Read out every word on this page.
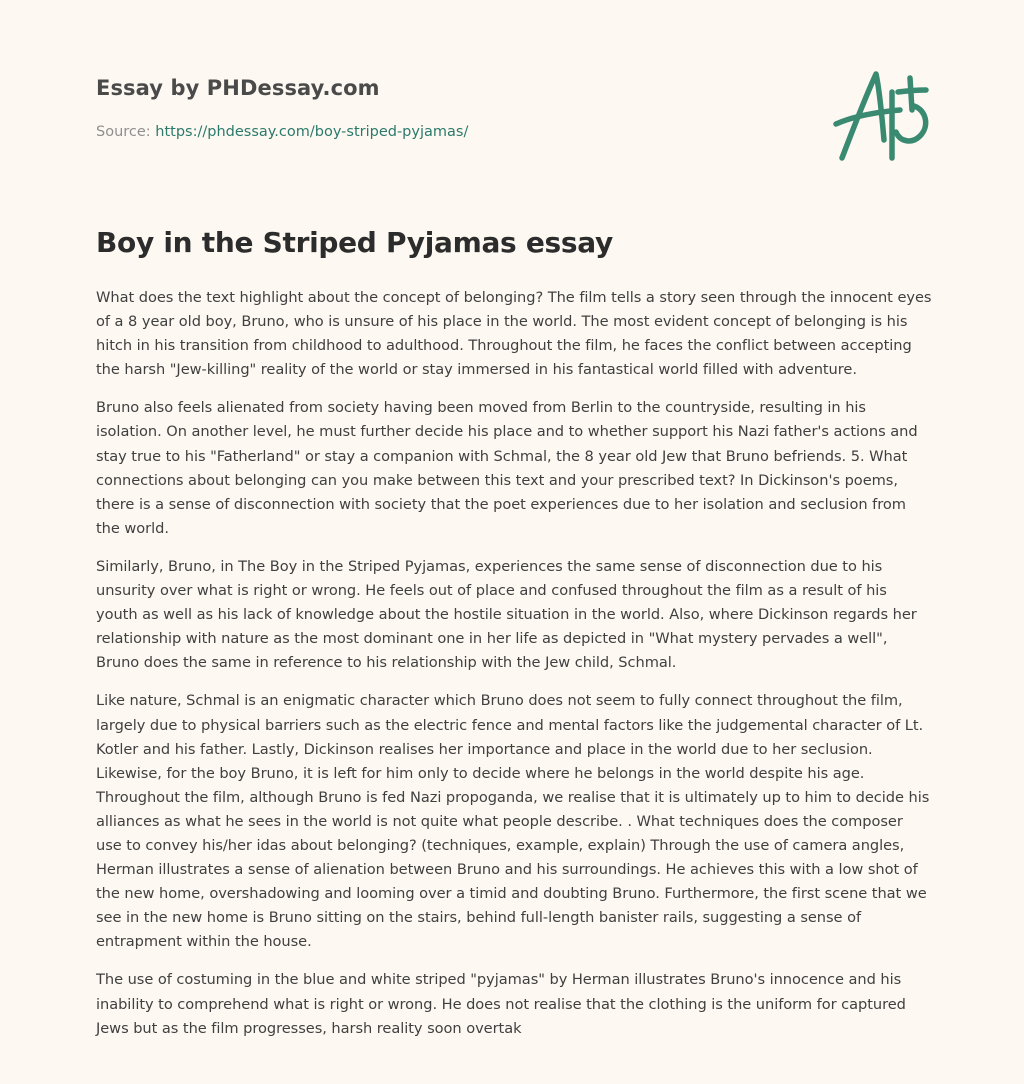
Essay by PHDessay.com
Source: https://phdessay.com/boy-striped-pyjamas/
Boy in the Striped Pyjamas essay

What does the text highlight about the concept of belonging? The film tells a story seen through the innocent eyes of a 8 year old boy, Bruno, who is unsure of his place in the world. The most evident concept of belonging is his hitch in his transition from childhood to adulthood. Throughout the film, he faces the conflict between accepting the harsh "Jew-killing" reality of the world or stay immersed in his fantastical world filled with adventure.

Bruno also feels alienated from society having been moved from Berlin to the countryside, resulting in his isolation. On another level, he must further decide his place and to whether support his Nazi father's actions and stay true to his "Fatherland" or stay a companion with Schmal, the 8 year old Jew that Bruno befriends. 5. What connections about belonging can you make between this text and your prescribed text? In Dickinson's poems, there is a sense of disconnection with society that the poet experiences due to her isolation and seclusion from the world.

Similarly, Bruno, in The Boy in the Striped Pyjamas, experiences the same sense of disconnection due to his unsurity over what is right or wrong. He feels out of place and confused throughout the film as a result of his youth as well as his lack of knowledge about the hostile situation in the world. Also, where Dickinson regards her relationship with nature as the most dominant one in her life as depicted in "What mystery pervades a well", Bruno does the same in reference to his relationship with the Jew child, Schmal.

Like nature, Schmal is an enigmatic character which Bruno does not seem to fully connect throughout the film, largely due to physical barriers such as the electric fence and mental factors like the judgemental character of Lt. Kotler and his father. Lastly, Dickinson realises her importance and place in the world due to her seclusion. Likewise, for the boy Bruno, it is left for him only to decide where he belongs in the world despite his age. Throughout the film, although Bruno is fed Nazi propoganda, we realise that it is ultimately up to him to decide his alliances as what he sees in the world is not quite what people describe. . What techniques does the composer use to convey his/her idas about belonging? (techniques, example, explain) Through the use of camera angles, Herman illustrates a sense of alienation between Bruno and his surroundings. He achieves this with a low shot of the new home, overshadowing and looming over a timid and doubting Bruno. Furthermore, the first scene that we see in the new home is Bruno sitting on the stairs, behind full-length banister rails, suggesting a sense of entrapment within the house.

The use of costuming in the blue and white striped "pyjamas" by Herman illustrates Bruno's innocence and his inability to comprehend what is right or wrong. He does not realise that the clothing is the uniform for captured Jews but as the film progresses, harsh reality soon overtak
